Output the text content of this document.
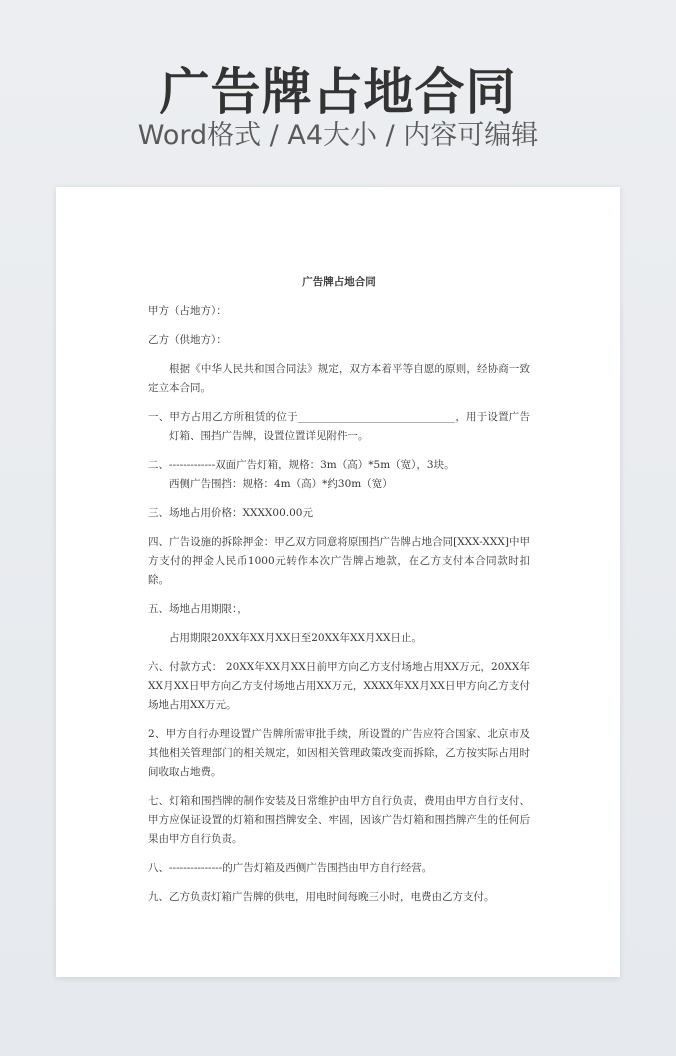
广告牌占地合同
Word格式 / A4大小 / 内容可编辑
广告牌占地合同

甲方（占地方）：

乙方（供地方）：

根据《中华人民共和国合同法》规定，双方本着平等自愿的原则，经协商一致定立本合同。

一、甲方占用乙方所租赁的位于______________________________，用于设置广告灯箱、围挡广告牌，设置位置详见附件一。

二、-------------双面广告灯箱，规格：3m（高）*5m（宽），3块。
西侧广告围挡：规格：4m（高）*约30m（宽）

三、场地占用价格：XXXX00.00元

四、广告设施的拆除押金：甲乙双方同意将原围挡广告牌占地合同[XXX-XXX]中甲方支付的押金人民币1000元转作本次广告牌占地款，在乙方支付本合同款时扣除。

五、场地占用期限：，

占用期限20XX年XX月XX日至20XX年XX月XX日止。

六、付款方式： 20XX年XX月XX日前甲方向乙方支付场地占用XX万元，20XX年XX月XX日甲方向乙方支付场地占用XX万元，XXXX年XX月XX日甲方向乙方支付场地占用XX万元。

2、甲方自行办理设置广告牌所需审批手续，所设置的广告应符合国家、北京市及其他相关管理部门的相关规定，如因相关管理政策改变而拆除，乙方按实际占用时间收取占地费。

七、灯箱和围挡牌的制作安装及日常维护由甲方自行负责，费用由甲方自行支付、甲方应保证设置的灯箱和围挡牌安全、牢固，因该广告灯箱和围挡牌产生的任何后果由甲方自行负责。

八、---------------的广告灯箱及西侧广告围挡由甲方自行经营。

九、乙方负责灯箱广告牌的供电，用电时间每晚三小时，电费由乙方支付。
